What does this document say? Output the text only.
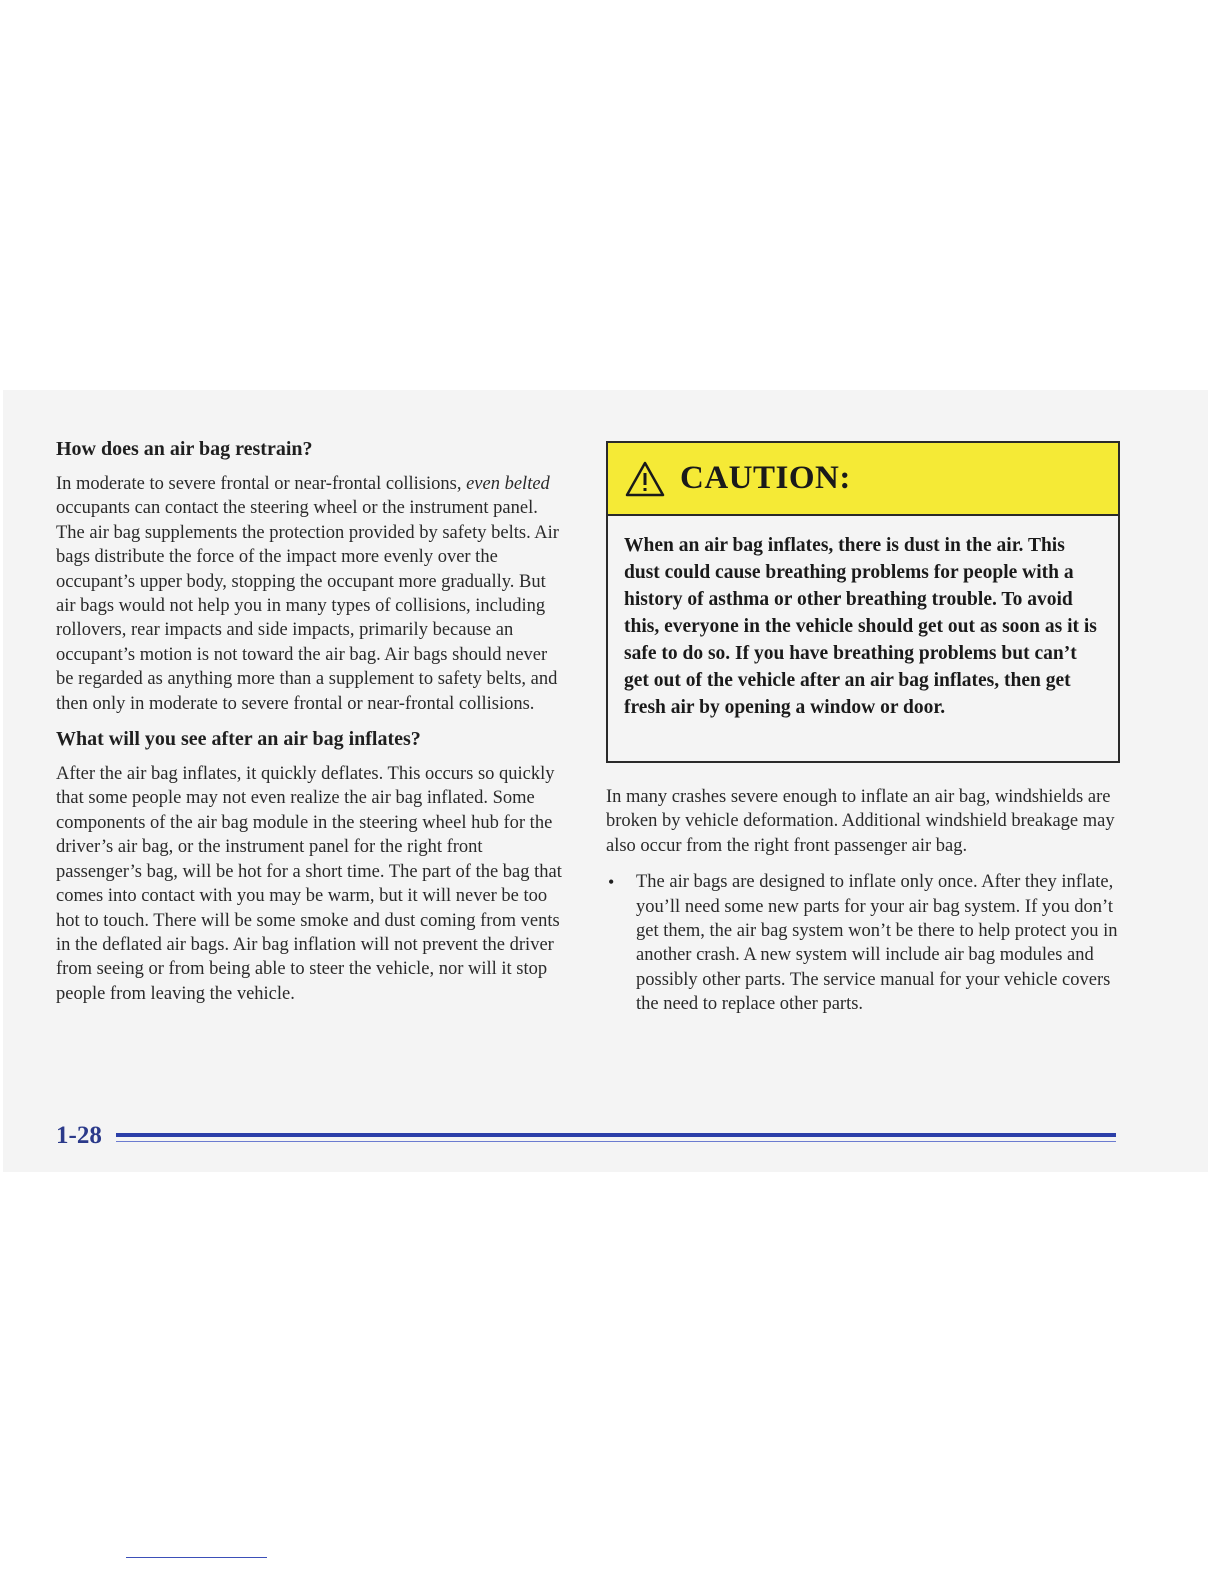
How does an air bag restrain?

In moderate to severe frontal or near-frontal collisions, even belted occupants can contact the steering wheel or the instrument panel. The air bag supplements the protection provided by safety belts. Air bags distribute the force of the impact more evenly over the occupant’s upper body, stopping the occupant more gradually. But air bags would not help you in many types of collisions, including rollovers, rear impacts and side impacts, primarily because an occupant’s motion is not toward the air bag. Air bags should never be regarded as anything more than a supplement to safety belts, and then only in moderate to severe frontal or near-frontal collisions.

What will you see after an air bag inflates?

After the air bag inflates, it quickly deflates. This occurs so quickly that some people may not even realize the air bag inflated. Some components of the air bag module in the steering wheel hub for the driver’s air bag, or the instrument panel for the right front passenger’s bag, will be hot for a short time. The part of the bag that comes into contact with you may be warm, but it will never be too hot to touch. There will be some smoke and dust coming from vents in the deflated air bags. Air bag inflation will not prevent the driver from seeing or from being able to steer the vehicle, nor will it stop people from leaving the vehicle.

CAUTION:
When an air bag inflates, there is dust in the air. This dust could cause breathing problems for people with a history of asthma or other breathing trouble. To avoid this, everyone in the vehicle should get out as soon as it is safe to do so. If you have breathing problems but can’t get out of the vehicle after an air bag inflates, then get fresh air by opening a window or door.

In many crashes severe enough to inflate an air bag, windshields are broken by vehicle deformation. Additional windshield breakage may also occur from the right front passenger air bag.

•	The air bags are designed to inflate only once. After they inflate, you’ll need some new parts for your air bag system. If you don’t get them, the air bag system won’t be there to help protect you in another crash. A new system will include air bag modules and possibly other parts. The service manual for your vehicle covers the need to replace other parts.
1-28
